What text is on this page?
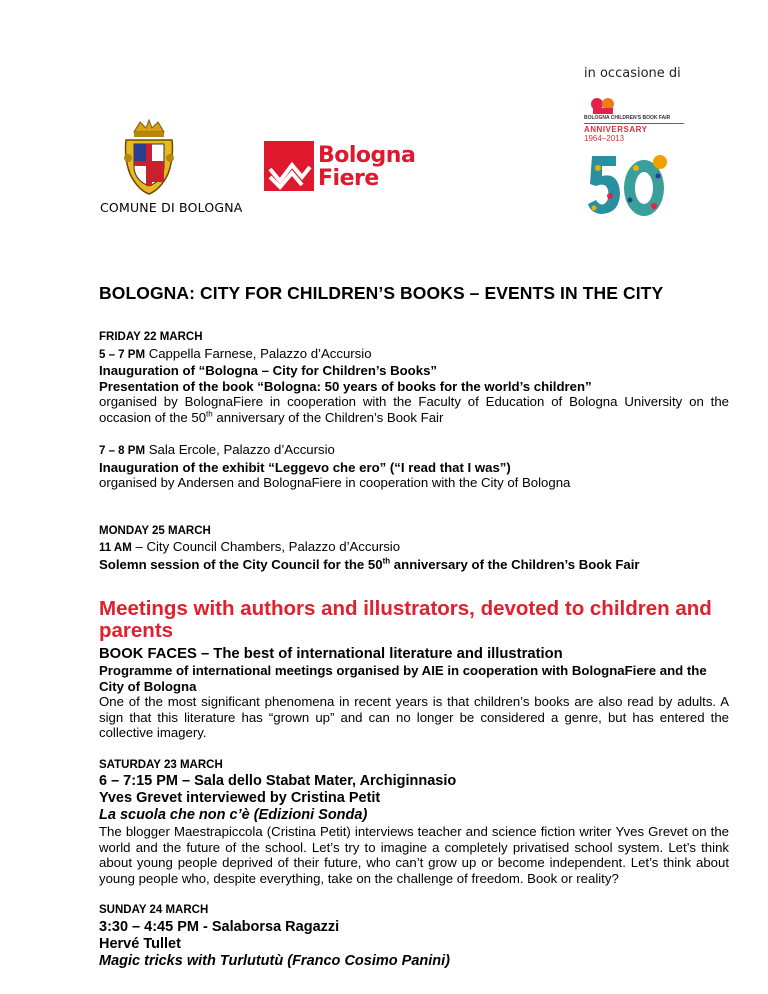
COMUNE DI BOLOGNA
Bologna
Fiere
in occasione di
BOLOGNA CHILDREN'S BOOK FAIR
ANNIVERSARY
1964–2013
BOLOGNA: CITY FOR CHILDREN’S BOOKS – EVENTS IN THE CITY

FRIDAY 22 MARCH

5 – 7 PM Cappella Farnese, Palazzo d’Accursio

Inauguration of “Bologna – City for Children’s Books”

Presentation of the book “Bologna: 50 years of books for the world’s children”

organised by BolognaFiere in cooperation with the Faculty of Education of Bologna University on the occasion of the 50th anniversary of the Children’s Book Fair

7 – 8 PM Sala Ercole, Palazzo d’Accursio

Inauguration of the exhibit “Leggevo che ero” (“I read that I was”)

organised by Andersen and BolognaFiere in cooperation with the City of Bologna

MONDAY 25 MARCH

11 AM – City Council Chambers, Palazzo d’Accursio

Solemn session of the City Council for the 50th anniversary of the Children’s Book Fair

Meetings with authors and illustrators, devoted to children and parents

BOOK FACES – The best of international literature and illustration

Programme of international meetings organised by AIE in cooperation with BolognaFiere and the City of Bologna

One of the most significant phenomena in recent years is that children’s books are also read by adults. A sign that this literature has “grown up” and can no longer be considered a genre, but has entered the collective imagery.

SATURDAY 23 MARCH

6 – 7:15 PM – Sala dello Stabat Mater, Archiginnasio

Yves Grevet interviewed by Cristina Petit

La scuola che non c’è (Edizioni Sonda)

The blogger Maestrapiccola (Cristina Petit) interviews teacher and science fiction writer Yves Grevet on the world and the future of the school. Let’s try to imagine a completely privatised school system. Let’s think about young people deprived of their future, who can’t grow up or become independent. Let’s think about young people who, despite everything, take on the challenge of freedom. Book or reality?

SUNDAY 24 MARCH

3:30 – 4:45 PM - Salaborsa Ragazzi

Hervé Tullet

Magic tricks with Turlututù (Franco Cosimo Panini)
